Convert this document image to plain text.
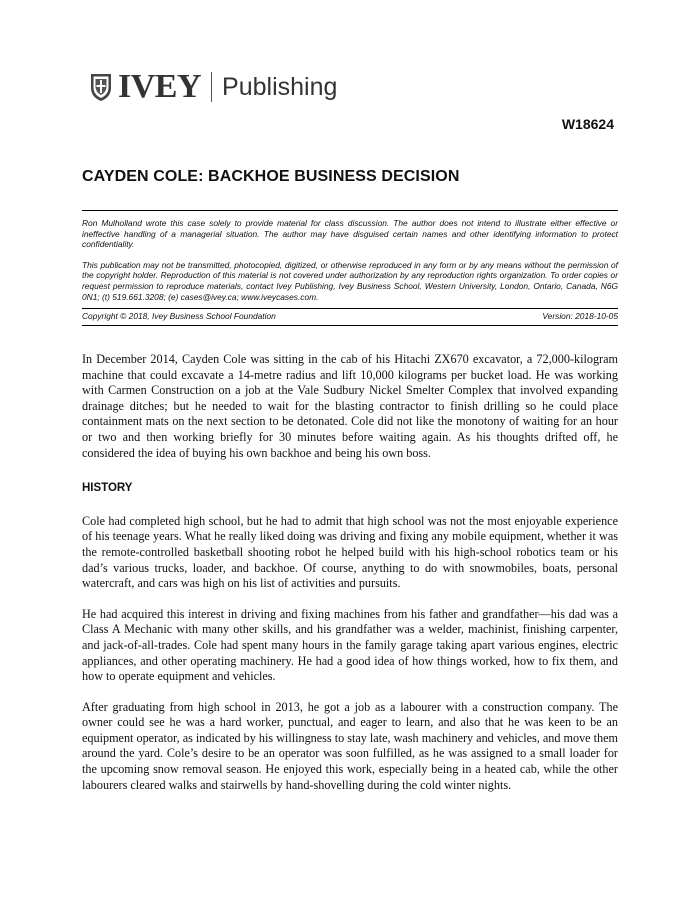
IVEY Publishing
W18624
CAYDEN COLE: BACKHOE BUSINESS DECISION

Ron Mulholland wrote this case solely to provide material for class discussion. The author does not intend to illustrate either effective or ineffective handling of a managerial situation. The author may have disguised certain names and other identifying information to protect confidentiality.

This publication may not be transmitted, photocopied, digitized, or otherwise reproduced in any form or by any means without the permission of the copyright holder. Reproduction of this material is not covered under authorization by any reproduction rights organization. To order copies or request permission to reproduce materials, contact Ivey Publishing, Ivey Business School, Western University, London, Ontario, Canada, N6G 0N1; (t) 519.661.3208; (e) cases@ivey.ca; www.iveycases.com.

Copyright © 2018, Ivey Business School Foundation	Version: 2018-10-05

In December 2014, Cayden Cole was sitting in the cab of his Hitachi ZX670 excavator, a 72,000-kilogram machine that could excavate a 14-metre radius and lift 10,000 kilograms per bucket load. He was working with Carmen Construction on a job at the Vale Sudbury Nickel Smelter Complex that involved expanding drainage ditches; but he needed to wait for the blasting contractor to finish drilling so he could place containment mats on the next section to be detonated. Cole did not like the monotony of waiting for an hour or two and then working briefly for 30 minutes before waiting again. As his thoughts drifted off, he considered the idea of buying his own backhoe and being his own boss.

HISTORY

Cole had completed high school, but he had to admit that high school was not the most enjoyable experience of his teenage years. What he really liked doing was driving and fixing any mobile equipment, whether it was the remote-controlled basketball shooting robot he helped build with his high-school robotics team or his dad’s various trucks, loader, and backhoe. Of course, anything to do with snowmobiles, boats, personal watercraft, and cars was high on his list of activities and pursuits.

He had acquired this interest in driving and fixing machines from his father and grandfather—his dad was a Class A Mechanic with many other skills, and his grandfather was a welder, machinist, finishing carpenter, and jack-of-all-trades. Cole had spent many hours in the family garage taking apart various engines, electric appliances, and other operating machinery. He had a good idea of how things worked, how to fix them, and how to operate equipment and vehicles.

After graduating from high school in 2013, he got a job as a labourer with a construction company. The owner could see he was a hard worker, punctual, and eager to learn, and also that he was keen to be an equipment operator, as indicated by his willingness to stay late, wash machinery and vehicles, and move them around the yard. Cole’s desire to be an operator was soon fulfilled, as he was assigned to a small loader for the upcoming snow removal season. He enjoyed this work, especially being in a heated cab, while the other labourers cleared walks and stairwells by hand-shovelling during the cold winter nights.
